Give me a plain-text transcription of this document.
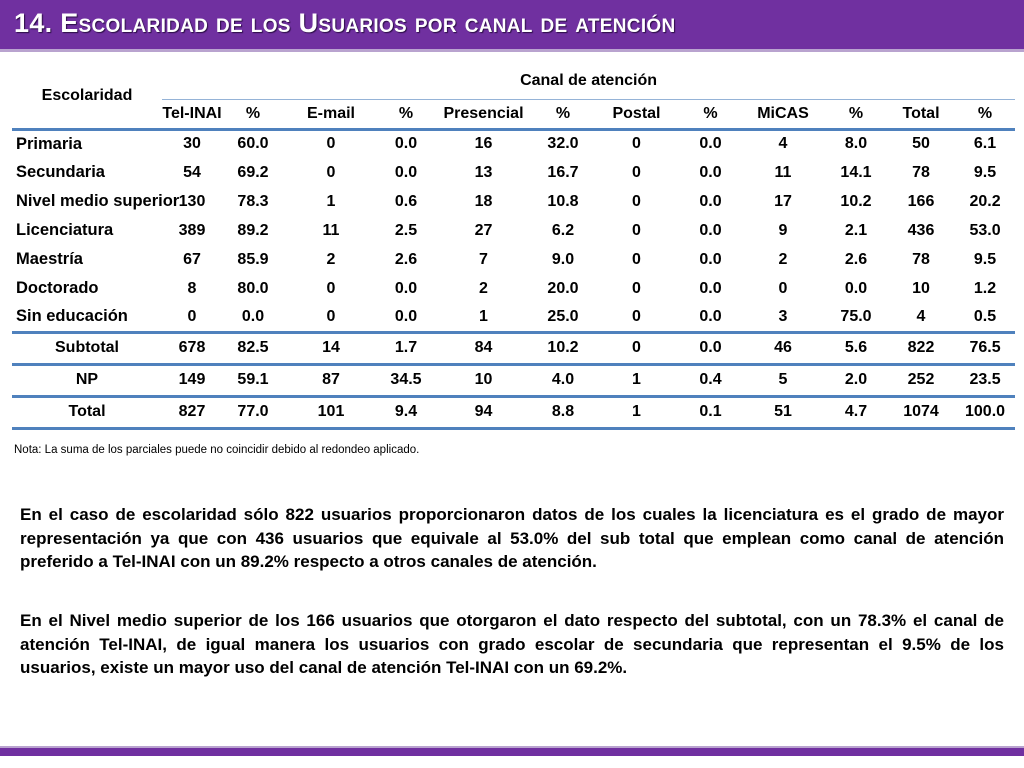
14. Escolaridad de los Usuarios por canal de atención
Escolaridad	Canal de atención											
	Tel-INAI	%	E-mail	%	Presencial	%	Postal	%	MiCAS	%	Total	%
Primaria	30	60.0	0	0.0	16	32.0	0	0.0	4	8.0	50	6.1
Secundaria	54	69.2	0	0.0	13	16.7	0	0.0	11	14.1	78	9.5
Nivel medio superior	130	78.3	1	0.6	18	10.8	0	0.0	17	10.2	166	20.2
Licenciatura	389	89.2	11	2.5	27	6.2	0	0.0	9	2.1	436	53.0
Maestría	67	85.9	2	2.6	7	9.0	0	0.0	2	2.6	78	9.5
Doctorado	8	80.0	0	0.0	2	20.0	0	0.0	0	0.0	10	1.2
Sin educación	0	0.0	0	0.0	1	25.0	0	0.0	3	75.0	4	0.5
Subtotal	678	82.5	14	1.7	84	10.2	0	0.0	46	5.6	822	76.5
NP	149	59.1	87	34.5	10	4.0	1	0.4	5	2.0	252	23.5
Total	827	77.0	101	9.4	94	8.8	1	0.1	51	4.7	1074	100.0
Nota: La suma de los parciales puede no coincidir debido al redondeo aplicado.
En el caso de escolaridad sólo 822 usuarios proporcionaron datos de los cuales la licenciatura es el grado de mayor representación ya que con 436 usuarios que equivale al 53.0% del sub total que emplean como canal de atención preferido a Tel-INAI con un 89.2% respecto a otros canales de atención.
En el Nivel medio superior de los 166 usuarios que otorgaron el dato respecto del subtotal, con un 78.3% el canal de atención Tel-INAI, de igual manera los usuarios con grado escolar de secundaria que representan el 9.5% de los usuarios, existe un mayor uso del canal de atención Tel-INAI con un 69.2%.
